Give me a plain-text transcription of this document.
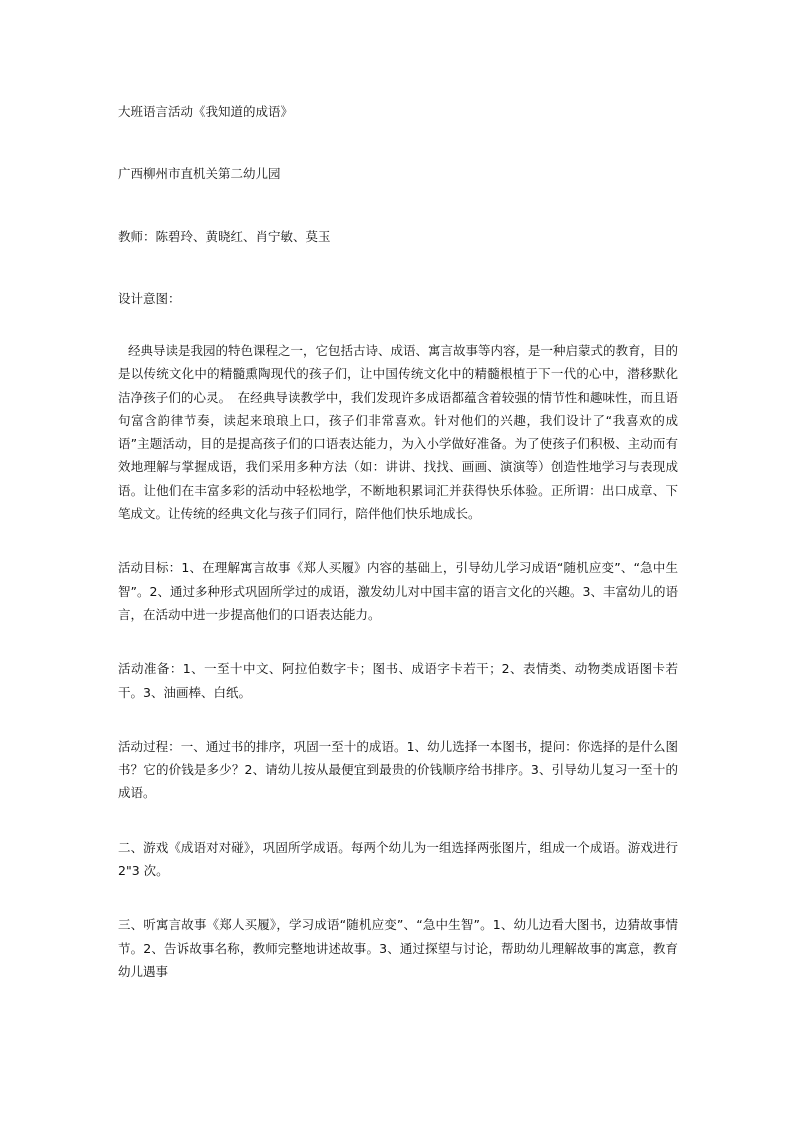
大班语言活动《我知道的成语》

广西柳州市直机关第二幼儿园

教师：陈碧玲、黄晓红、肖宁敏、莫玉

设计意图：

经典导读是我园的特色课程之一，它包括古诗、成语、寓言故事等内容，是一种启蒙式的教育，目的是以传统文化中的精髓熏陶现代的孩子们，让中国传统文化中的精髓根植于下一代的心中，潜移默化洁净孩子们的心灵。　在经典导读教学中，我们发现许多成语都蕴含着较强的情节性和趣味性，而且语句富含韵律节奏，读起来琅琅上口，孩子们非常喜欢。针对他们的兴趣，我们设计了“我喜欢的成语”主题活动，目的是提高孩子们的口语表达能力，为入小学做好准备。为了使孩子们积极、主动而有效地理解与掌握成语，我们采用多种方法（如：讲讲、找找、画画、演演等）创造性地学习与表现成语。让他们在丰富多彩的活动中轻松地学，不断地积累词汇并获得快乐体验。正所谓：出口成章、下笔成文。让传统的经典文化与孩子们同行，陪伴他们快乐地成长。

活动目标：1、在理解寓言故事《郑人买履》内容的基础上，引导幼儿学习成语“随机应变”、“急中生智”。2、通过多种形式巩固所学过的成语，激发幼儿对中国丰富的语言文化的兴趣。3、丰富幼儿的语言，在活动中进一步提高他们的口语表达能力。

活动准备：1、一至十中文、阿拉伯数字卡；图书、成语字卡若干；2、表情类、动物类成语图卡若干。3、油画棒、白纸。

活动过程：一、通过书的排序，巩固一至十的成语。1、幼儿选择一本图书，提问：你选择的是什么图书？它的价钱是多少？2、请幼儿按从最便宜到最贵的价钱顺序给书排序。3、引导幼儿复习一至十的成语。

二、游戏《成语对对碰》，巩固所学成语。每两个幼儿为一组选择两张图片，组成一个成语。游戏进行 2"3 次。

三、听寓言故事《郑人买履》，学习成语“随机应变”、“急中生智”。1、幼儿边看大图书，边猜故事情节。2、告诉故事名称，教师完整地讲述故事。3、通过探望与讨论，帮助幼儿理解故事的寓意，教育幼儿遇事
